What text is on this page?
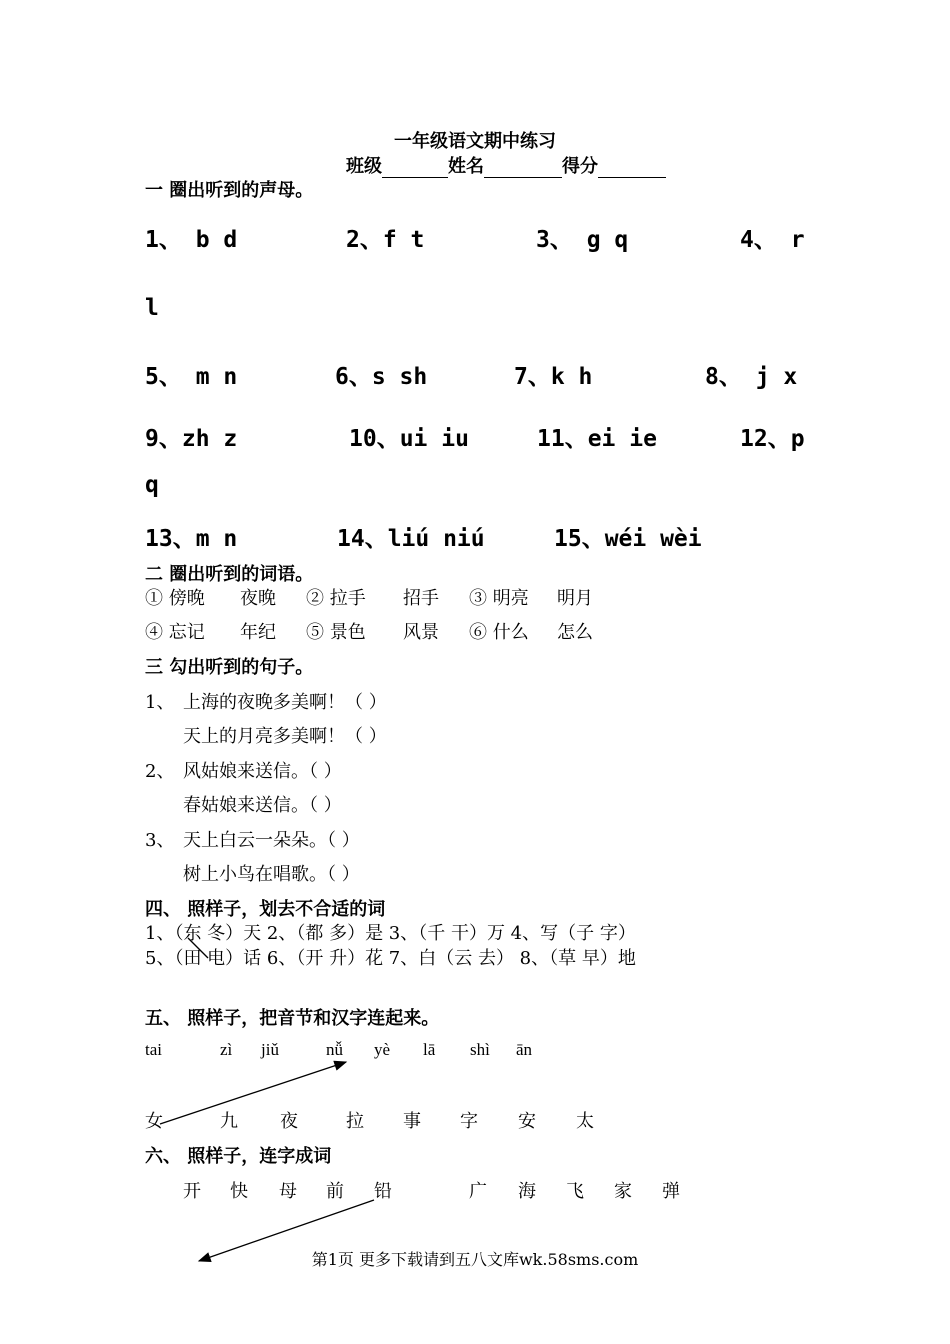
一年级语文期中练习
班级	姓名	得分
一 圈出听到的声母。
1、 b d	2、f t	3、 g q	4、 r
l
5、 m n	6、s sh	7、k h	8、 j x
9、zh z	10、ui iu	11、ei ie	12、p
q
13、m n	14、liú niú	15、wéi wèi
二 圈出听到的词语。
① 傍晚 夜晚 ② 拉手 招手 ③ 明亮 明月
④ 忘记 年纪 ⑤ 景色 风景 ⑥ 什么 怎么
三 勾出听到的句子。
1、 上海的夜晚多美啊！（ ）
天上的月亮多美啊！（ ）
2、 风姑娘来送信。（ ）
春姑娘来送信。（ ）
3、 天上白云一朵朵。（ ）
树上小鸟在唱歌。（ ）
四、 照样子，划去不合适的词
1、（东 冬）天 2、（都 多）是 3、（千 干）万 4、写（子 字）
5、（田 电）话 6、（开 升）花 7、白（云 去） 8、（草 早）地
五、 照样子，把音节和汉字连起来。
tai	zì jiǔ	nǚ yè lā shì ān
女	九 夜	拉 事 字 安 太
六、 照样子，连字成词
开 快 母 前 铅	广 海 飞 家 弹
第1页 更多下载请到五八文库wk.58sms.com
